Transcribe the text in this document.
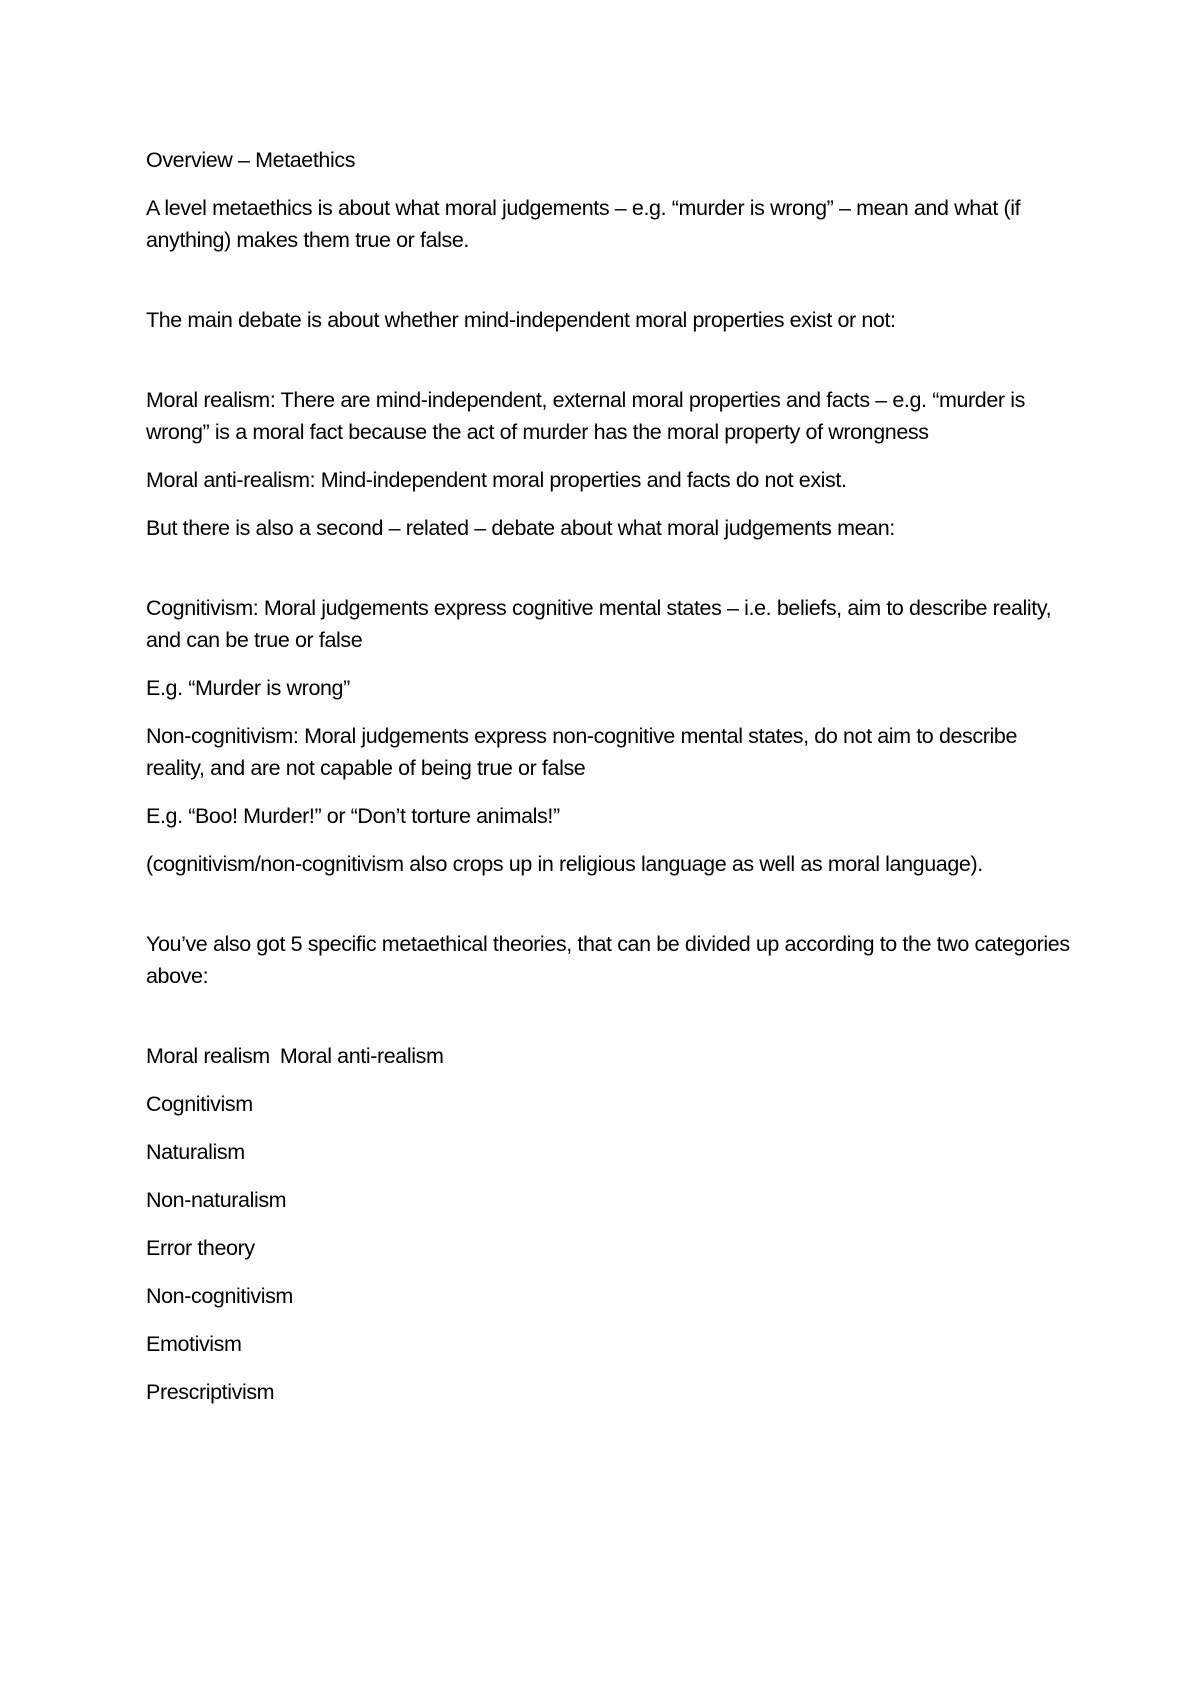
Overview – Metaethics

A level metaethics is about what moral judgements – e.g. “murder is wrong” – mean and what (if anything) makes them true or false.

The main debate is about whether mind-independent moral properties exist or not:

Moral realism: There are mind-independent, external moral properties and facts – e.g. “murder is wrong” is a moral fact because the act of murder has the moral property of wrongness

Moral anti-realism: Mind-independent moral properties and facts do not exist.

But there is also a second – related – debate about what moral judgements mean:

Cognitivism: Moral judgements express cognitive mental states – i.e. beliefs, aim to describe reality, and can be true or false

E.g. “Murder is wrong”

Non-cognitivism: Moral judgements express non-cognitive mental states, do not aim to describe reality, and are not capable of being true or false

E.g. “Boo! Murder!” or “Don’t torture animals!”

(cognitivism/non-cognitivism also crops up in religious language as well as moral language).

You’ve also got 5 specific metaethical theories, that can be divided up according to the two categories above:

Moral realism Moral anti-realism

Cognitivism

Naturalism

Non-naturalism

Error theory

Non-cognitivism

Emotivism

Prescriptivism
